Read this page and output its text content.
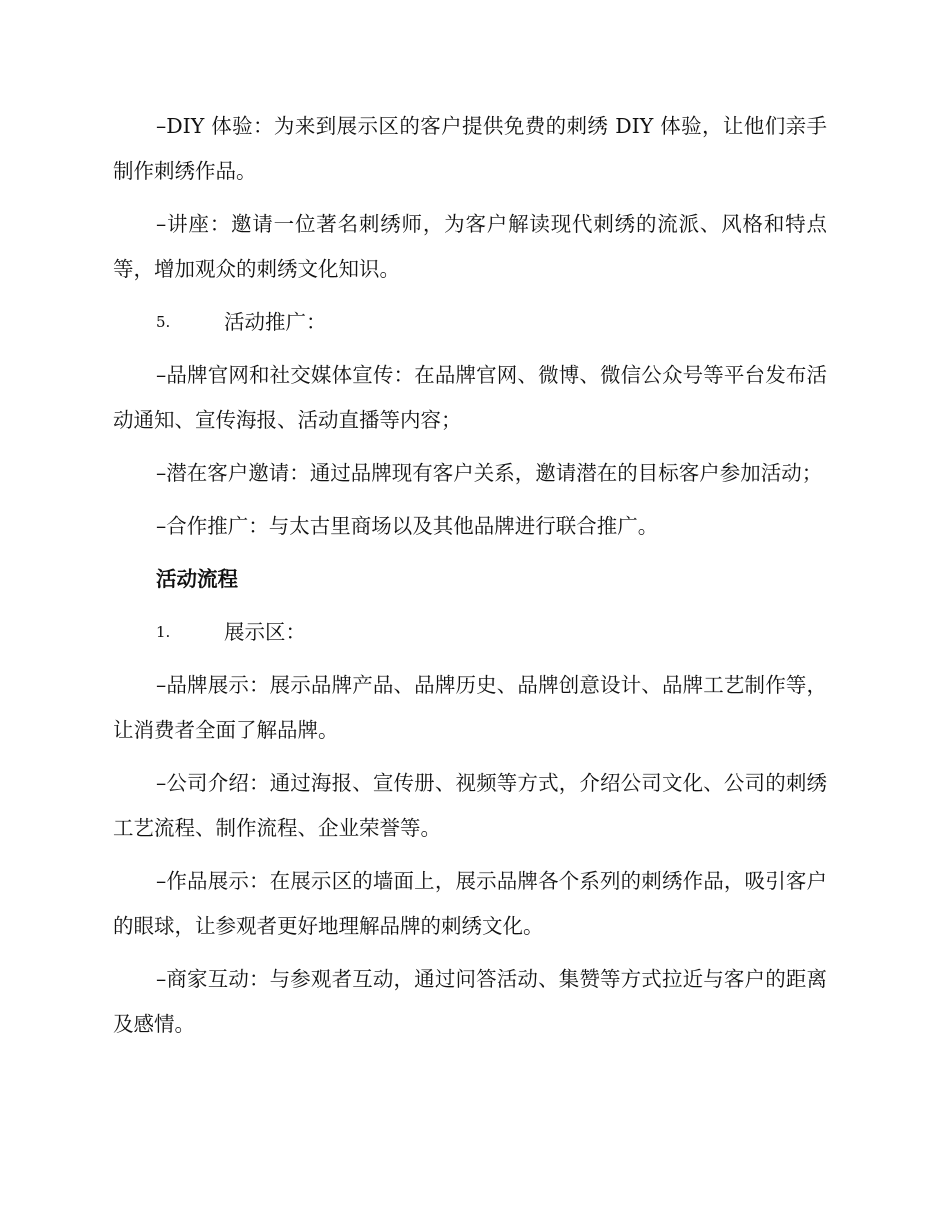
–DIY 体验：为来到展示区的客户提供免费的刺绣 DIY 体验，让他们亲手制作刺绣作品。

–讲座：邀请一位著名刺绣师，为客户解读现代刺绣的流派、风格和特点等，增加观众的刺绣文化知识。

5.	活动推广：

–品牌官网和社交媒体宣传：在品牌官网、微博、微信公众号等平台发布活动通知、宣传海报、活动直播等内容；

–潜在客户邀请：通过品牌现有客户关系，邀请潜在的目标客户参加活动；

–合作推广：与太古里商场以及其他品牌进行联合推广。

活动流程
1.	展示区：

–品牌展示：展示品牌产品、品牌历史、品牌创意设计、品牌工艺制作等，让消费者全面了解品牌。

–公司介绍：通过海报、宣传册、视频等方式，介绍公司文化、公司的刺绣工艺流程、制作流程、企业荣誉等。

–作品展示：在展示区的墙面上，展示品牌各个系列的刺绣作品，吸引客户的眼球，让参观者更好地理解品牌的刺绣文化。

–商家互动：与参观者互动，通过问答活动、集赞等方式拉近与客户的距离及感情。
